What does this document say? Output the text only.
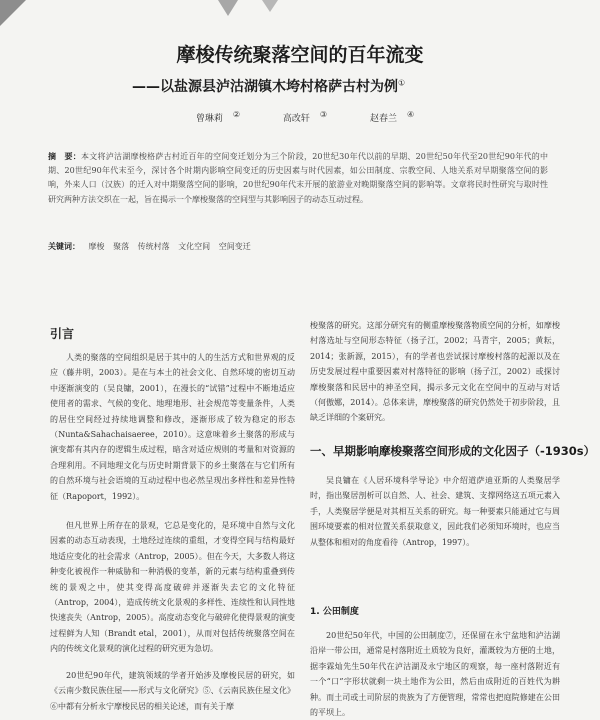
摩梭传统聚落空间的百年流变
——以盐源县泸沽湖镇木垮村格萨古村为例①
曾琳莉 ②	高改轩 ③	赵春兰 ④
摘　要：本文将泸沽湖摩梭格萨古村近百年的空间变迁划分为三个阶段，20世纪30年代以前的早期、20世纪50年代至20世纪90年代的中期、20世纪90年代末至今，深讨各个时期内影响空间变迁的历史因素与时代因素，如公田制度、宗教空间、人地关系对早期聚落空间的影响，外来人口（汉族）的迁入对中期聚落空间的影响，20世纪90年代末开展的旅游业对晚期聚落空间的影响等。文章将民时性研究与取时性研究两种方法交织在一起，旨在揭示一个摩梭聚落的空间型与其影响因子的动态互动过程。
关键词： 摩梭 聚落 传统村落 文化空间 空间变迁
引言

人类的聚落的空间组织是居于其中的人的生活方式和世界观的反应（藤井明，2003）。是在与本土的社会文化、自然环境的密切互动中逐渐演变的（吴良镛，2001），在漫长的“试错”过程中不断地适应使用者的需求、气候的变化、地理地形、社会规范等变量条件，人类的居住空间经过持续地调整和修改，逐渐形成了较为稳定的形态（Nunta&Sahachaisaeree，2010）。这意味着乡土聚落的形成与演变都有其内存的逻辑生成过程，暗含对适应规则的考量和对资源的合理利用。不同地理文化与历史时期背景下的乡土聚落在与它们所有的自然环境与社会语境的互动过程中也必然呈现出多样性和差异性特征（Rapoport，1992）。

但凡世界上所存在的景观，它总是变化的，是环境中自然与文化因素的动态互动表现，土地经过连续的重组，才变得空间与结构最好地适应变化的社会需求（Antrop，2005）。但在今天，大多数人将这种变化被视作一种威胁和一种消极的变革，新的元素与结构重叠到传统的景观之中，使其变得高度破碎并逐渐失去它的文化特征（Antrop，2004），造成传统文化景观的多样性、连续性和认同性地快速丧失（Antrop，2005）。高度动态变化与破碎化使得景观的演变过程鲜为人知（Brandt etal，2001），从而对包括传统聚落空间在内的传统文化景观的演化过程的研究更为急切。

20世纪90年代，建筑领域的学者开始涉及摩梭民居的研究，如《云南少数民族住屋——形式与文化研究》⑤、《云南民族住屋文化》⑥中都有分析永宁摩梭民居的相关论述，而有关于摩

梭聚落的研究。这部分研究有的侧重摩梭聚落物质空间的分析，如摩梭村落选址与空间形态特征（扬子江，2002；马青宇，2005；黄耘，2014；张新源，2015），有的学者也尝试探讨摩梭村落的起源以及在历史发展过程中重要因素对村落特征的影响（扬子江，2002）或探讨摩梭聚落和民居中的神圣空间，揭示多元文化在空间中的互动与对话（何傲娜，2014）。总体来讲，摩梭聚落的研究仍然处于初步阶段，且缺乏详细的个案研究。

一、早期影响摩梭聚落空间形成的文化因子（-1930s）

吴良镛在《人居环境科学导论》中介绍道萨迪亚斯的人类聚居学时，指出聚居剖析可以自然、人、社会、建筑、支撑网络这五项元素入手，人类聚居学便是对其相互关系的研究。每一种要素只能通过它与周围环境要素的相对位置关系获取意义，因此我们必须知环境时，也应当从整体和相对的角度看待（Antrop，1997）。

1. 公田制度

20世纪50年代，中国的公田制度⑦，还保留在永宁盆地和泸沽湖沿岸一带公田，通常是村落附近土质较为良好，灌溉较为方便的土地，据李霖灿先生50年代在泸沽湖及永宁地区的观察，每一座村落附近有一个“口”字形状就剩一块土地作为公田，然后由成附近的百姓代为耕种。而土司或土司阶层的贵族为了方便管理，常常也把庭院修建在公田的平坝上。
